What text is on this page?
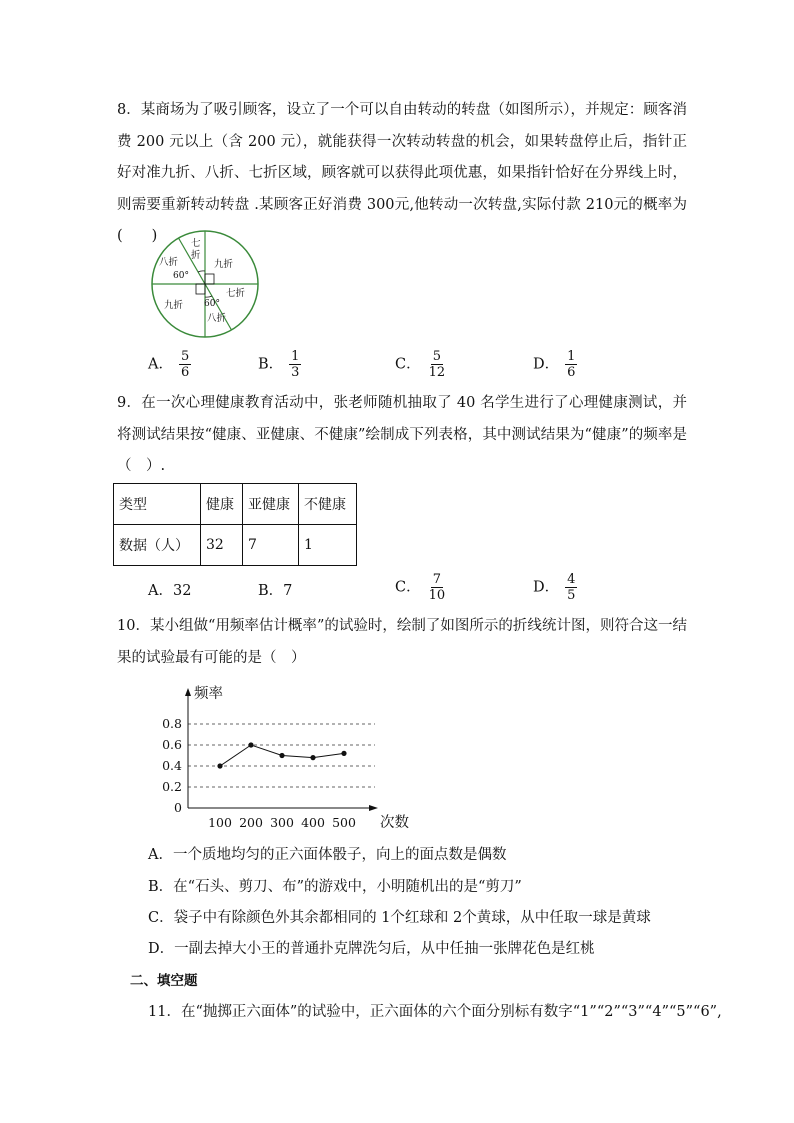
8．某商场为了吸引顾客，设立了一个可以自由转动的转盘（如图所示），并规定：顾客消费 200 元以上（含 200 元），就能获得一次转动转盘的机会，如果转盘停止后，指针正好对准九折、八折、七折区域，顾客就可以获得此项优惠，如果指针恰好在分界线上时，则需要重新转动转盘 .某顾客正好消费 300元,他转动一次转盘,实际付款 210元的概率为(　　)	七
折
九折
八折
60°
九折 60°
七折
八折
A． $\frac{5}{6}$	B． $\frac{1}{3}$	C． $\frac{5}{12}$	D． $\frac{1}{6}$
9．在一次心理健康教育活动中，张老师随机抽取了 40 名学生进行了心理健康测试，并将测试结果按“健康、亚健康、不健康”绘制成下列表格，其中测试结果为“健康”的频率是（　）.
类型	健康	亚健康	不健康
数据（人）	32	7	1
A．32	B．7	C． $\frac{7}{10}$	D． $\frac{4}{5}$
10．某小组做“用频率估计概率”的试验时，绘制了如图所示的折线统计图，则符合这一结果的试验最有可能的是（　）
0
0.2
0.4
0.6
0.8
100 200 300 400 500
频率
次数
A．一个质地均匀的正六面体骰子，向上的面点数是偶数
B．在“石头、剪刀、布”的游戏中，小明随机出的是“剪刀”
C．袋子中有除颜色外其余都相同的 1个红球和 2个黄球，从中任取一球是黄球
D．一副去掉大小王的普通扑克牌洗匀后，从中任抽一张牌花色是红桃
二、填空题
11．在“抛掷正六面体”的试验中，正六面体的六个面分别标有数字“1”“2”“3”“4”“5”“6”,
